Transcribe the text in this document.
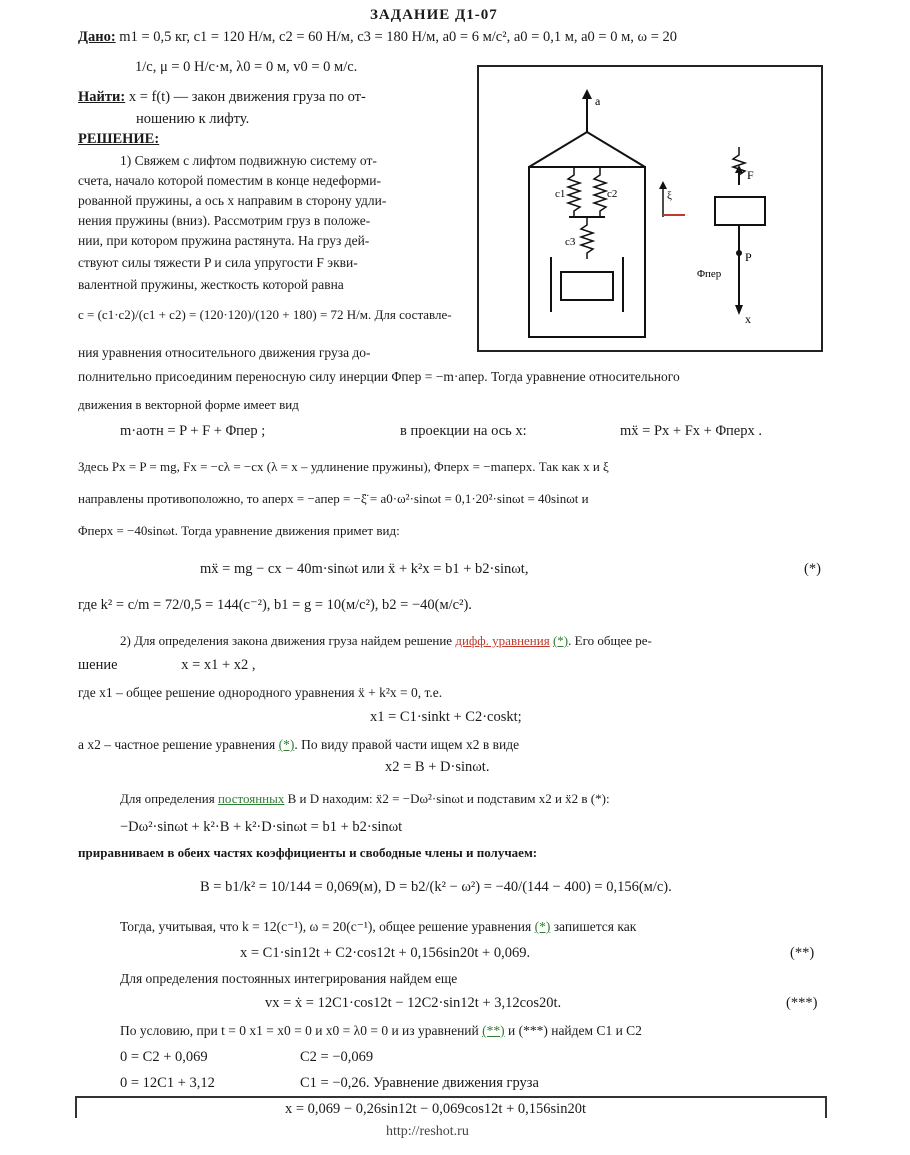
ЗАДАНИЕ Д1-07
Дано: m1 = 0,5 кг, c1 = 120 Н/м, c2 = 60 Н/м, c3 = 180 Н/м, a0 = 6 м/с², a0 = 0,1 м, a0 = 0 м, ω = 20
1/с, μ = 0 Н/с·м, λ0 = 0 м, v0 = 0 м/с.
Найти: x = f(t) — закон движения груза по от-
ношению к лифту.
РЕШЕНИЕ:
1) Свяжем с лифтом подвижную систему от-
счета, начало которой поместим в конце недеформи-
рованной пружины, а ось x направим в сторону удли-
нения пружины (вниз). Рассмотрим груз в положе-
нии, при котором пружина растянута. На груз дей-
ствуют силы тяжести P и сила упругости F экви-
валентной пружины, жесткость которой равна
c = (c1·c2)/(c1 + c2) = (120·120)/(120 + 180) = 72 Н/м. Для составле-
ния уравнения относительного движения груза до-
полнительно присоединим переносную силу инерции Φпер = −m·aпер. Тогда уравнение относительного
движения в векторной форме имеет вид
m·aотн = P + F + Φпер ;	в проекции на ось x:	mẍ = Px + Fx + Φперx .
Здесь Px = P = mg, Fx = −cλ = −cx (λ = x – удлинение пружины), Φперx = −maперx. Так как x и ξ
направлены противоположно, то aперx = −aпер = −ξ̈ = a0·ω²·sinωt = 0,1·20²·sinωt = 40sinωt и
Φперx = −40sinωt. Тогда уравнение движения примет вид:
mẍ = mg − cx − 40m·sinωt или ẍ + k²x = b1 + b2·sinωt,	(*)
где k² = c/m = 72/0,5 = 144(с⁻²), b1 = g = 10(м/с²), b2 = −40(м/с²).
2) Для определения закона движения груза найдем решение дифф. уравнения (*). Его общее ре-
шение	x = x1 + x2 ,
где x1 – общее решение однородного уравнения ẍ + k²x = 0, т.е.
x1 = C1·sinkt + C2·coskt;
а x2 – частное решение уравнения (*). По виду правой части ищем x2 в виде
x2 = B + D·sinωt.
Для определения постоянных B и D находим: ẍ2 = −Dω²·sinωt и подставим x2 и ẍ2 в (*):
−Dω²·sinωt + k²·B + k²·D·sinωt = b1 + b2·sinωt
приравниваем в обеих частях коэффициенты и свободные члены и получаем:
B = b1/k² = 10/144 = 0,069(м), D = b2/(k² − ω²) = −40/(144 − 400) = 0,156(м/с).
Тогда, учитывая, что k = 12(с⁻¹), ω = 20(с⁻¹), общее решение уравнения (*) запишется как
x = C1·sin12t + C2·cos12t + 0,156sin20t + 0,069.	(**)
Для определения постоянных интегрирования найдем еще
vx = ẋ = 12C1·cos12t − 12C2·sin12t + 3,12cos20t.	(***)
По условию, при t = 0 x1 = x0 = 0 и x0 = λ0 = 0 и из уравнений (**) и (***) найдем C1 и C2
0 = C2 + 0,069	C2 = −0,069
0 = 12C1 + 3,12	C1 = −0,26. Уравнение движения груза
x = 0,069 − 0,26sin12t − 0,069cos12t + 0,156sin20t
http://reshot.ru
a
c1	c2
c3
ξ
F
P
Φпер
x
